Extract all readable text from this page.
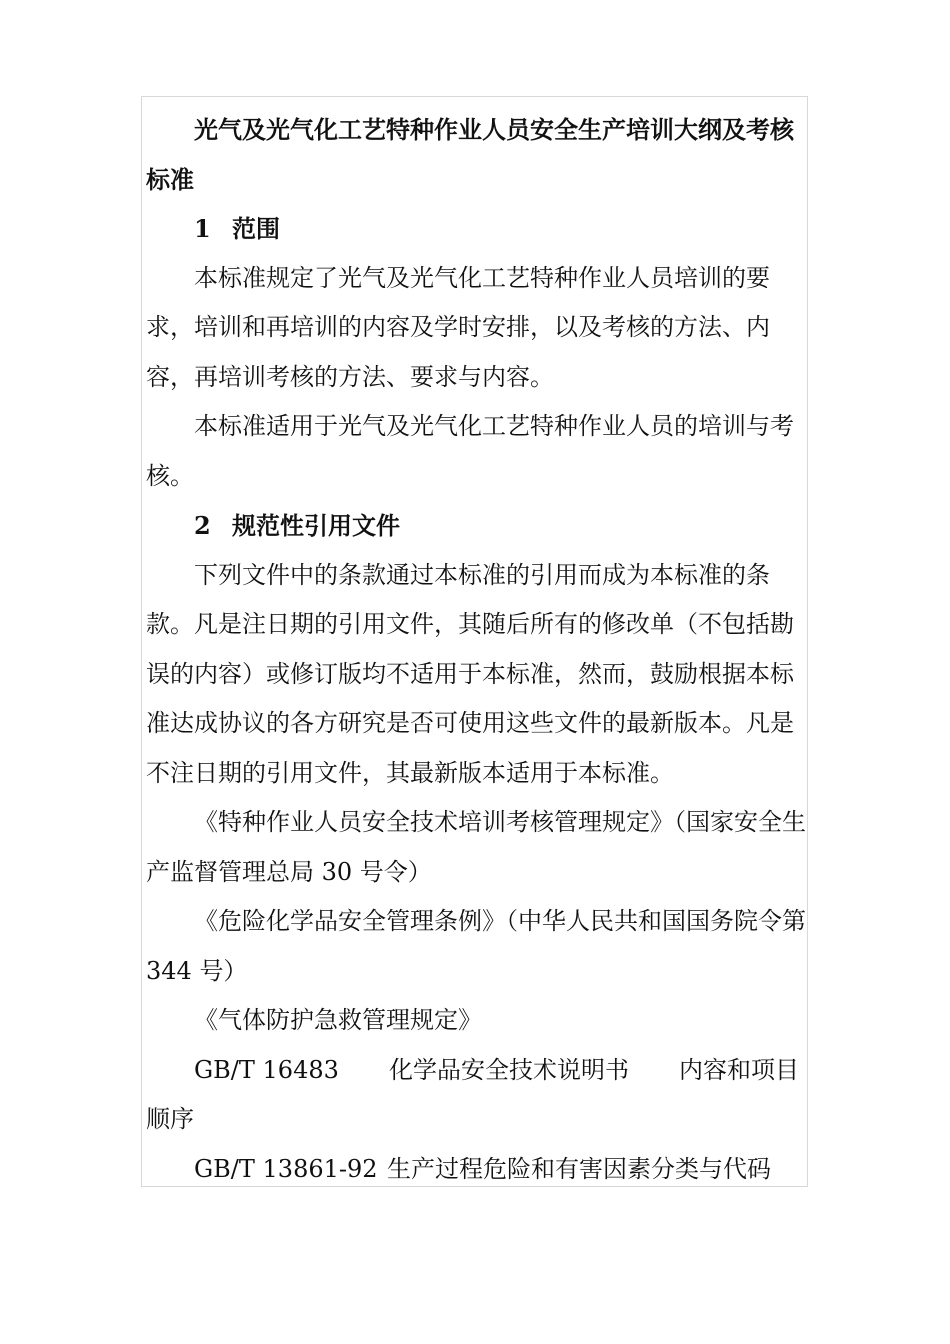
光气及光气化工艺特种作业人员安全生产培训大纲及考核标准

1 范围

本标准规定了光气及光气化工艺特种作业人员培训的要求，培训和再培训的内容及学时安排，以及考核的方法、内容，再培训考核的方法、要求与内容。

本标准适用于光气及光气化工艺特种作业人员的培训与考核。

2 规范性引用文件

下列文件中的条款通过本标准的引用而成为本标准的条款。凡是注日期的引用文件，其随后所有的修改单（不包括勘误的内容）或修订版均不适用于本标准，然而，鼓励根据本标准达成协议的各方研究是否可使用这些文件的最新版本。凡是不注日期的引用文件，其最新版本适用于本标准。

《特种作业人员安全技术培训考核管理规定》（国家安全生产监督管理总局 30 号令）

《危险化学品安全管理条例》（中华人民共和国国务院令第 344 号）

《气体防护急救管理规定》

GB/T 16483 化学品安全技术说明书 内容和项目

顺序

GB/T 13861-92 生产过程危险和有害因素分类与代码
